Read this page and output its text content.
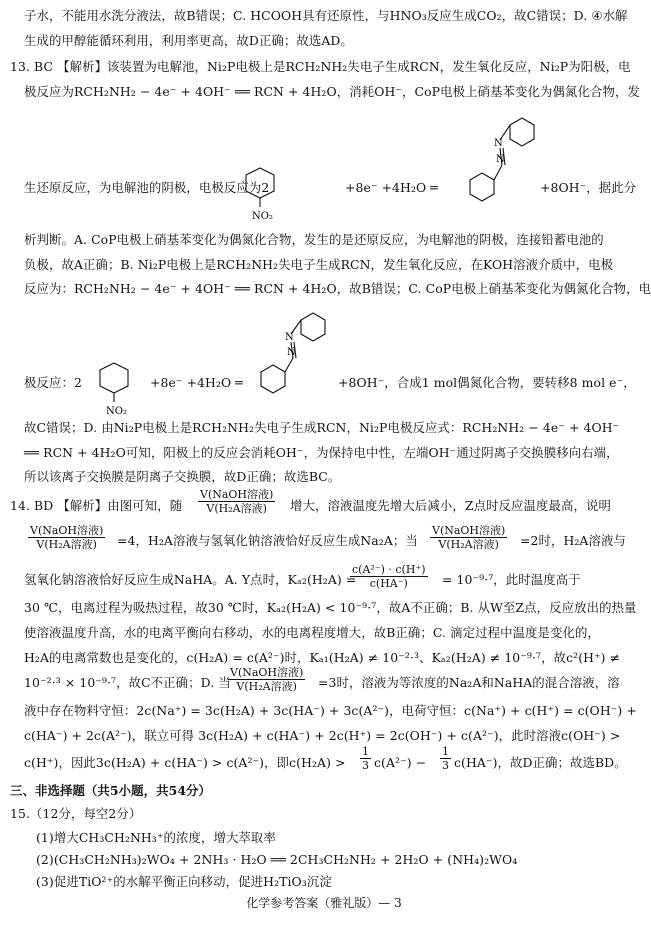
子水，不能用水洗分液法，故B错误；C. HCOOH具有还原性，与HNO₃反应生成CO₂，故C错误；D. ④水解
生成的甲醇能循环利用，利用率更高，故D正确；故选AD。
13. BC 【解析】该装置为电解池，Ni₂P电极上是RCH₂NH₂失电子生成RCN，发生氧化反应，Ni₂P为阳极，电
极反应为RCH₂NH₂ − 4e⁻ + 4OH⁻ ══ RCN + 4H₂O，消耗OH⁻，CoP电极上硝基苯变化为偶氮化合物，发
N
N
生还原反应，为电解池的阴极，电极反应为2
NO₂
+8e⁻ +4H₂O ═	+8OH⁻，据此分
析判断。A. CoP电极上硝基苯变化为偶氮化合物，发生的是还原反应，为电解池的阴极，连接铅蓄电池的
负极，故A正确；B. Ni₂P电极上是RCH₂NH₂失电子生成RCN，发生氧化反应，在KOH溶液介质中，电极
反应为：RCH₂NH₂ − 4e⁻ + 4OH⁻ ══ RCN + 4H₂O，故B错误；C. CoP电极上硝基苯变化为偶氮化合物，电
N
N
极反应：2
NO₂
+8e⁻ +4H₂O ═	+8OH⁻，合成1 mol偶氮化合物，要转移8 mol e⁻，
故C错误；D. 由Ni₂P电极上是RCH₂NH₂失电子生成RCN，Ni₂P电极反应式：RCH₂NH₂ − 4e⁻ + 4OH⁻
══ RCN + 4H₂O可知，阳极上的反应会消耗OH⁻，为保持电中性，左端OH⁻通过阴离子交换膜移向右端，
所以该离子交换膜是阴离子交换膜，故D正确；故选BC。
14. BD 【解析】由图可知，随
V(NaOH溶液)
V(H₂A溶液)	增大，溶液温度先增大后减小，Z点时反应温度最高，说明
V(NaOH溶液)
V(H₂A溶液)	=4，H₂A溶液与氢氧化钠溶液恰好反应生成Na₂A；当
V(NaOH溶液)
V(H₂A溶液)	=2时，H₂A溶液与
氢氧化钠溶液恰好反应生成NaHA。A. Y点时，Kₐ₂(H₂A) =
$\frac{\text{c(A²⁻) · c(H⁺)}}{c(HA^-)} = 10^{-9}\cdot^7$，此时温度高于
30 ℃，电离过程为吸热过程，故30 ℃时，Kₐ₂(H₂A) < 10⁻⁹·⁷，故A不正确；B. 从W至Z点，反应放出的热量
使溶液温度升高，水的电离平衡向右移动，水的电离程度增大，故B正确；C. 滴定过程中温度是变化的，
H₂A的电离常数也是变化的，c(H₂A) = c(A²⁻)时，Kₐ₁(H₂A) ≠ 10⁻²·³、Kₐ₂(H₂A) ≠ 10⁻⁹·⁷，故c²(H⁺) ≠
10⁻²·³ × 10⁻⁹·⁷，故C不正确；D. 当
V(NaOH溶液)
V(H₂A溶液)	=3时，溶液为等浓度的Na₂A和NaHA的混合溶液，溶
液中存在物料守恒：2c(Na⁺) = 3c(H₂A) + 3c(HA⁻) + 3c(A²⁻)，电荷守恒：c(Na⁺) + c(H⁺) = c(OH⁻) +
c(HA⁻) + 2c(A²⁻)，联立可得 3c(H₂A) + c(HA⁻) + 2c(H⁺) = 2c(OH⁻) + c(A²⁻)，此时溶液c(OH⁻) >
c(H⁺)，因此3c(H₂A) + c(HA⁻) > c(A²⁻)，即c(H₂A) >	$\frac{1}{3} c(A^{2-})$ −	$\frac{1}{3} c(HA^-)$，故D正确；故选BD。
三、非选择题（共5小题，共54分）
15.（12分，每空2分）
(1)增大CH₃CH₂NH₃⁺的浓度，增大萃取率
(2)(CH₃CH₂NH₃)₂WO₄ + 2NH₃ · H₂O ══ 2CH₃CH₂NH₂ + 2H₂O + (NH₄)₂WO₄
(3)促进TiO²⁺的水解平衡正向移动，促进H₂TiO₃沉淀
化学参考答案（雅礼版）— 3
